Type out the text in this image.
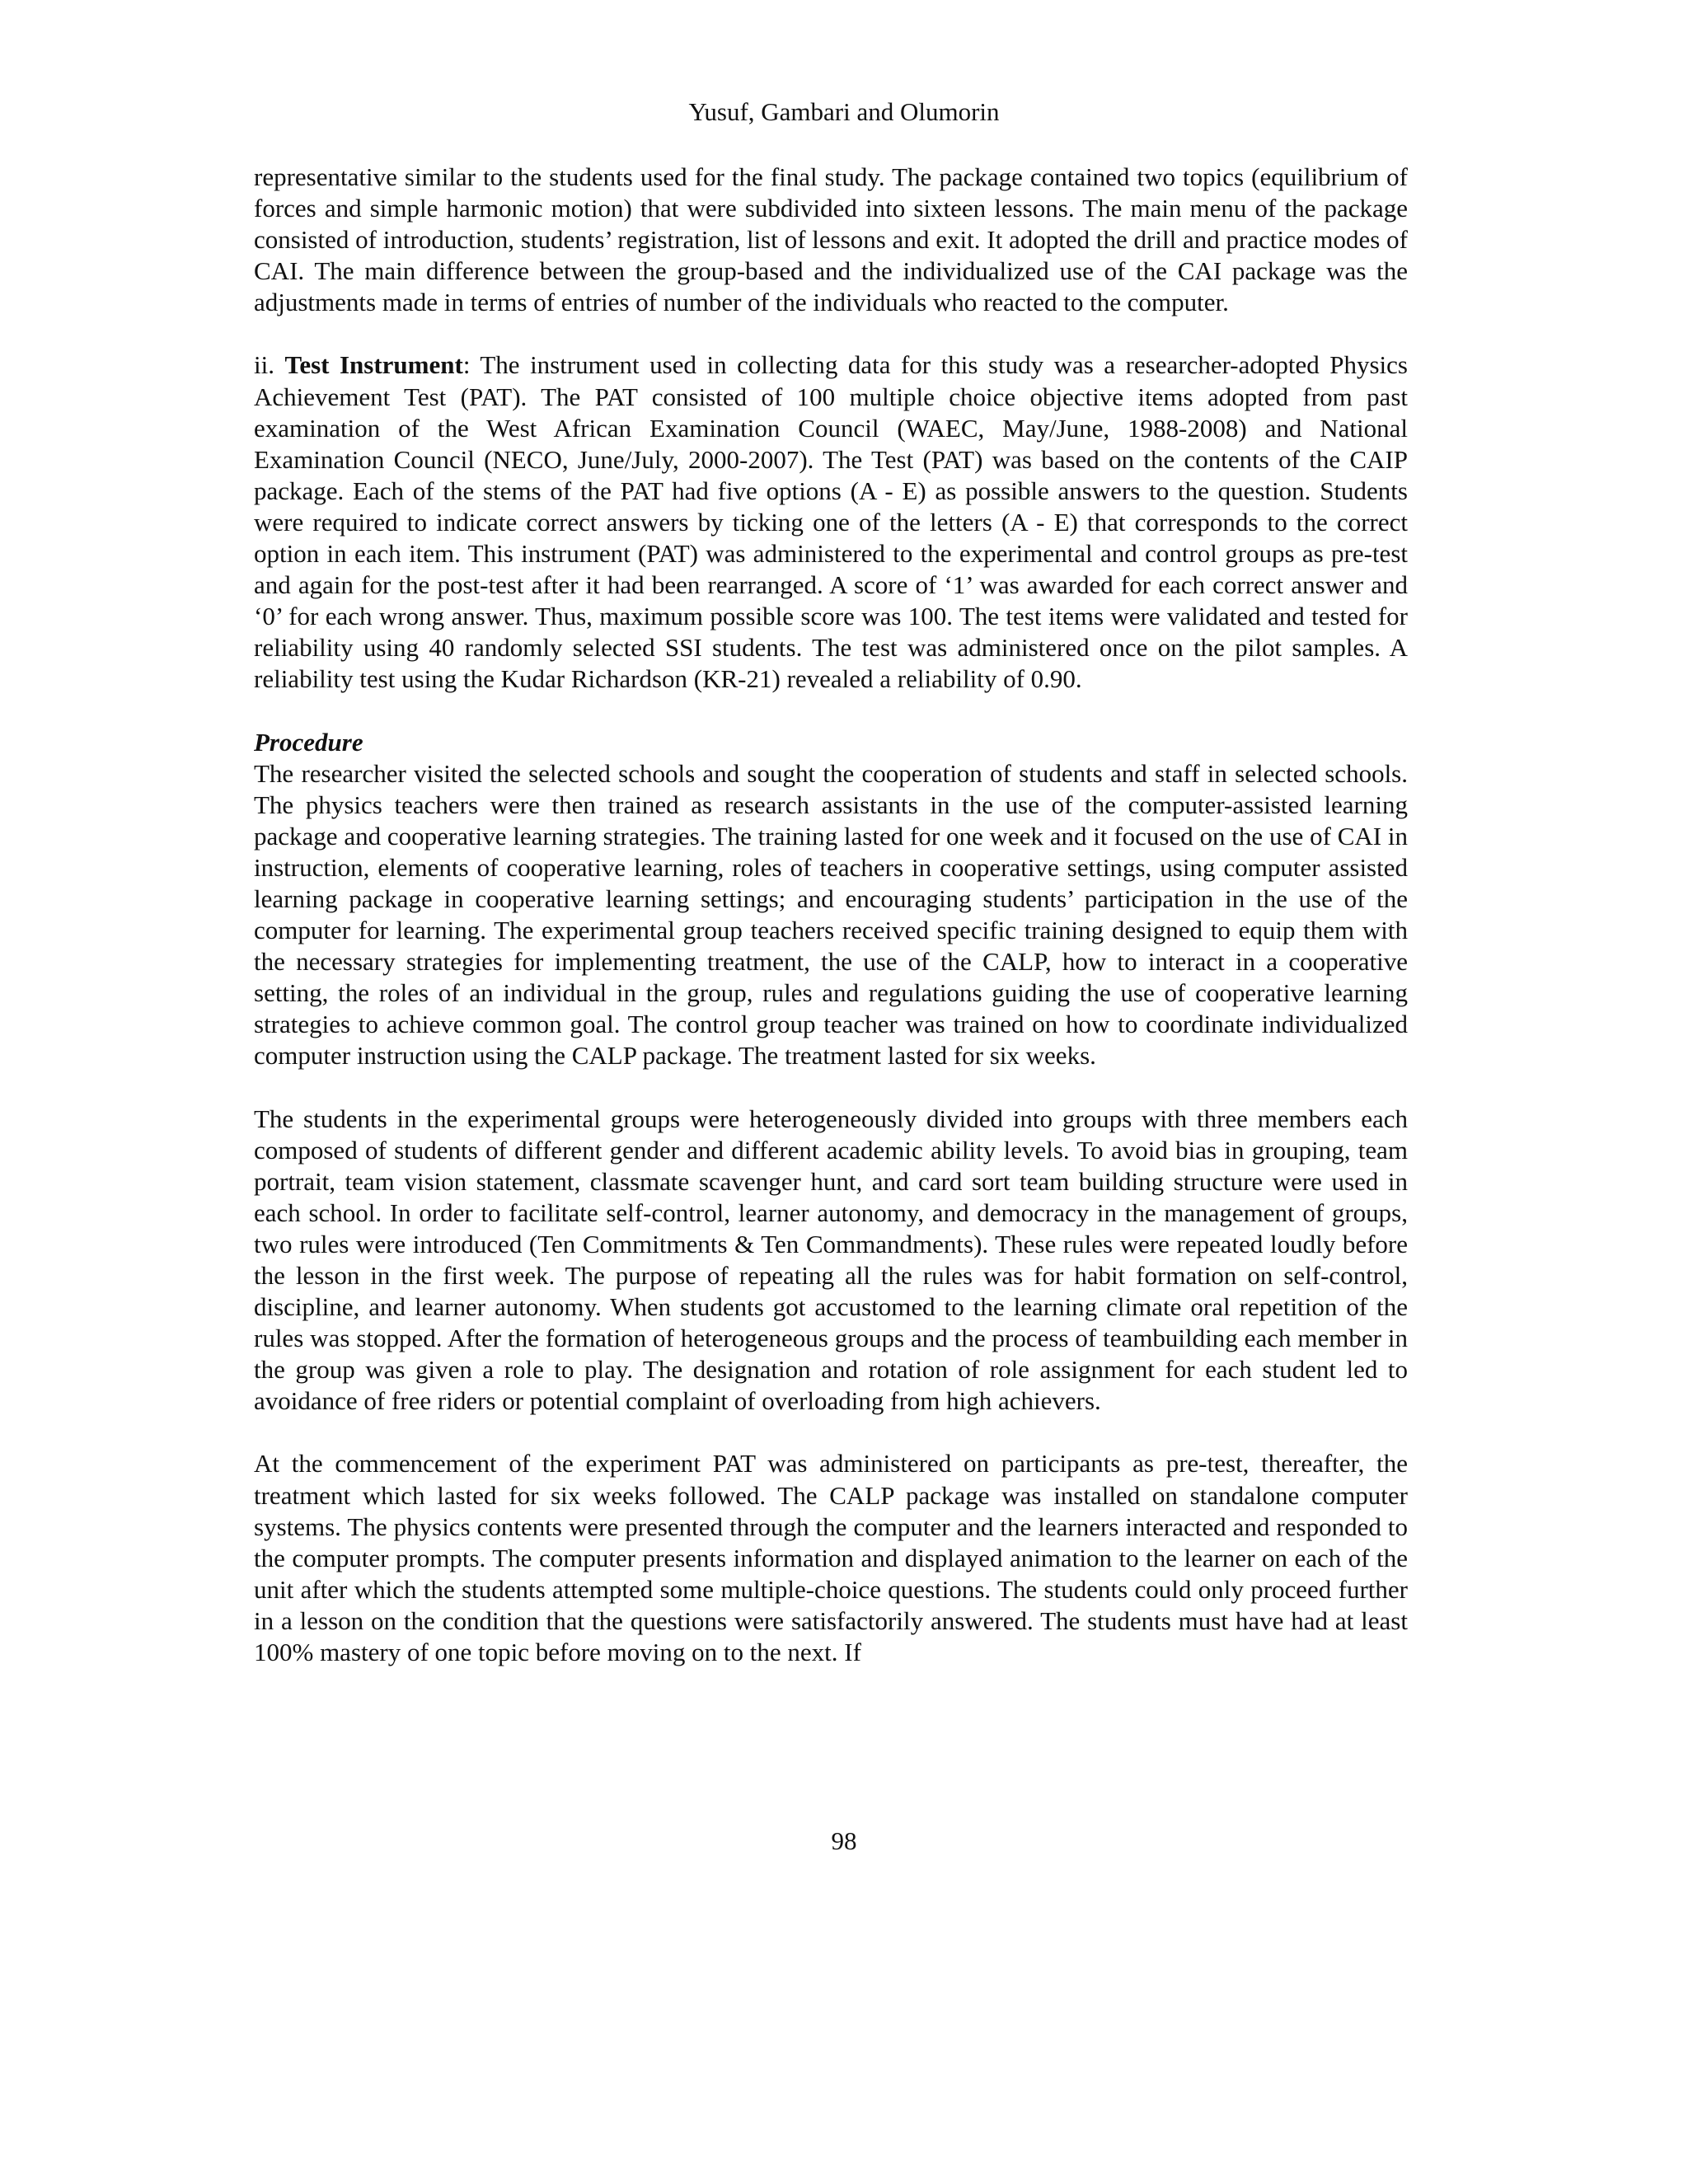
Yusuf, Gambari and Olumorin

representative similar to the students used for the final study. The package contained two topics (equilibrium of forces and simple harmonic motion) that were subdivided into sixteen lessons. The main menu of the package consisted of introduction, students’ registration, list of lessons and exit. It adopted the drill and practice modes of CAI. The main difference between the group-based and the individualized use of the CAI package was the adjustments made in terms of entries of number of the individuals who reacted to the computer.

ii. Test Instrument: The instrument used in collecting data for this study was a researcher-adopted Physics Achievement Test (PAT). The PAT consisted of 100 multiple choice objective items adopted from past examination of the West African Examination Council (WAEC, May/June, 1988-2008) and National Examination Council (NECO, June/July, 2000-2007). The Test (PAT) was based on the contents of the CAIP package. Each of the stems of the PAT had five options (A - E) as possible answers to the question. Students were required to indicate correct answers by ticking one of the letters (A - E) that corresponds to the correct option in each item. This instrument (PAT) was administered to the experimental and control groups as pre-test and again for the post-test after it had been rearranged. A score of ‘1’ was awarded for each correct answer and ‘0’ for each wrong answer. Thus, maximum possible score was 100. The test items were validated and tested for reliability using 40 randomly selected SSI students. The test was administered once on the pilot samples. A reliability test using the Kudar Richardson (KR-21) revealed a reliability of 0.90.

Procedure

The researcher visited the selected schools and sought the cooperation of students and staff in selected schools. The physics teachers were then trained as research assistants in the use of the computer-assisted learning package and cooperative learning strategies. The training lasted for one week and it focused on the use of CAI in instruction, elements of cooperative learning, roles of teachers in cooperative settings, using computer assisted learning package in cooperative learning settings; and encouraging students’ participation in the use of the computer for learning. The experimental group teachers received specific training designed to equip them with the necessary strategies for implementing treatment, the use of the CALP, how to interact in a cooperative setting, the roles of an individual in the group, rules and regulations guiding the use of cooperative learning strategies to achieve common goal. The control group teacher was trained on how to coordinate individualized computer instruction using the CALP package. The treatment lasted for six weeks.

The students in the experimental groups were heterogeneously divided into groups with three members each composed of students of different gender and different academic ability levels. To avoid bias in grouping, team portrait, team vision statement, classmate scavenger hunt, and card sort team building structure were used in each school. In order to facilitate self-control, learner autonomy, and democracy in the management of groups, two rules were introduced (Ten Commitments & Ten Commandments). These rules were repeated loudly before the lesson in the first week. The purpose of repeating all the rules was for habit formation on self-control, discipline, and learner autonomy. When students got accustomed to the learning climate oral repetition of the rules was stopped. After the formation of heterogeneous groups and the process of teambuilding each member in the group was given a role to play. The designation and rotation of role assignment for each student led to avoidance of free riders or potential complaint of overloading from high achievers.

At the commencement of the experiment PAT was administered on participants as pre-test, thereafter, the treatment which lasted for six weeks followed. The CALP package was installed on standalone computer systems. The physics contents were presented through the computer and the learners interacted and responded to the computer prompts. The computer presents information and displayed animation to the learner on each of the unit after which the students attempted some multiple-choice questions. The students could only proceed further in a lesson on the condition that the questions were satisfactorily answered. The students must have had at least 100% mastery of one topic before moving on to the next. If

98
